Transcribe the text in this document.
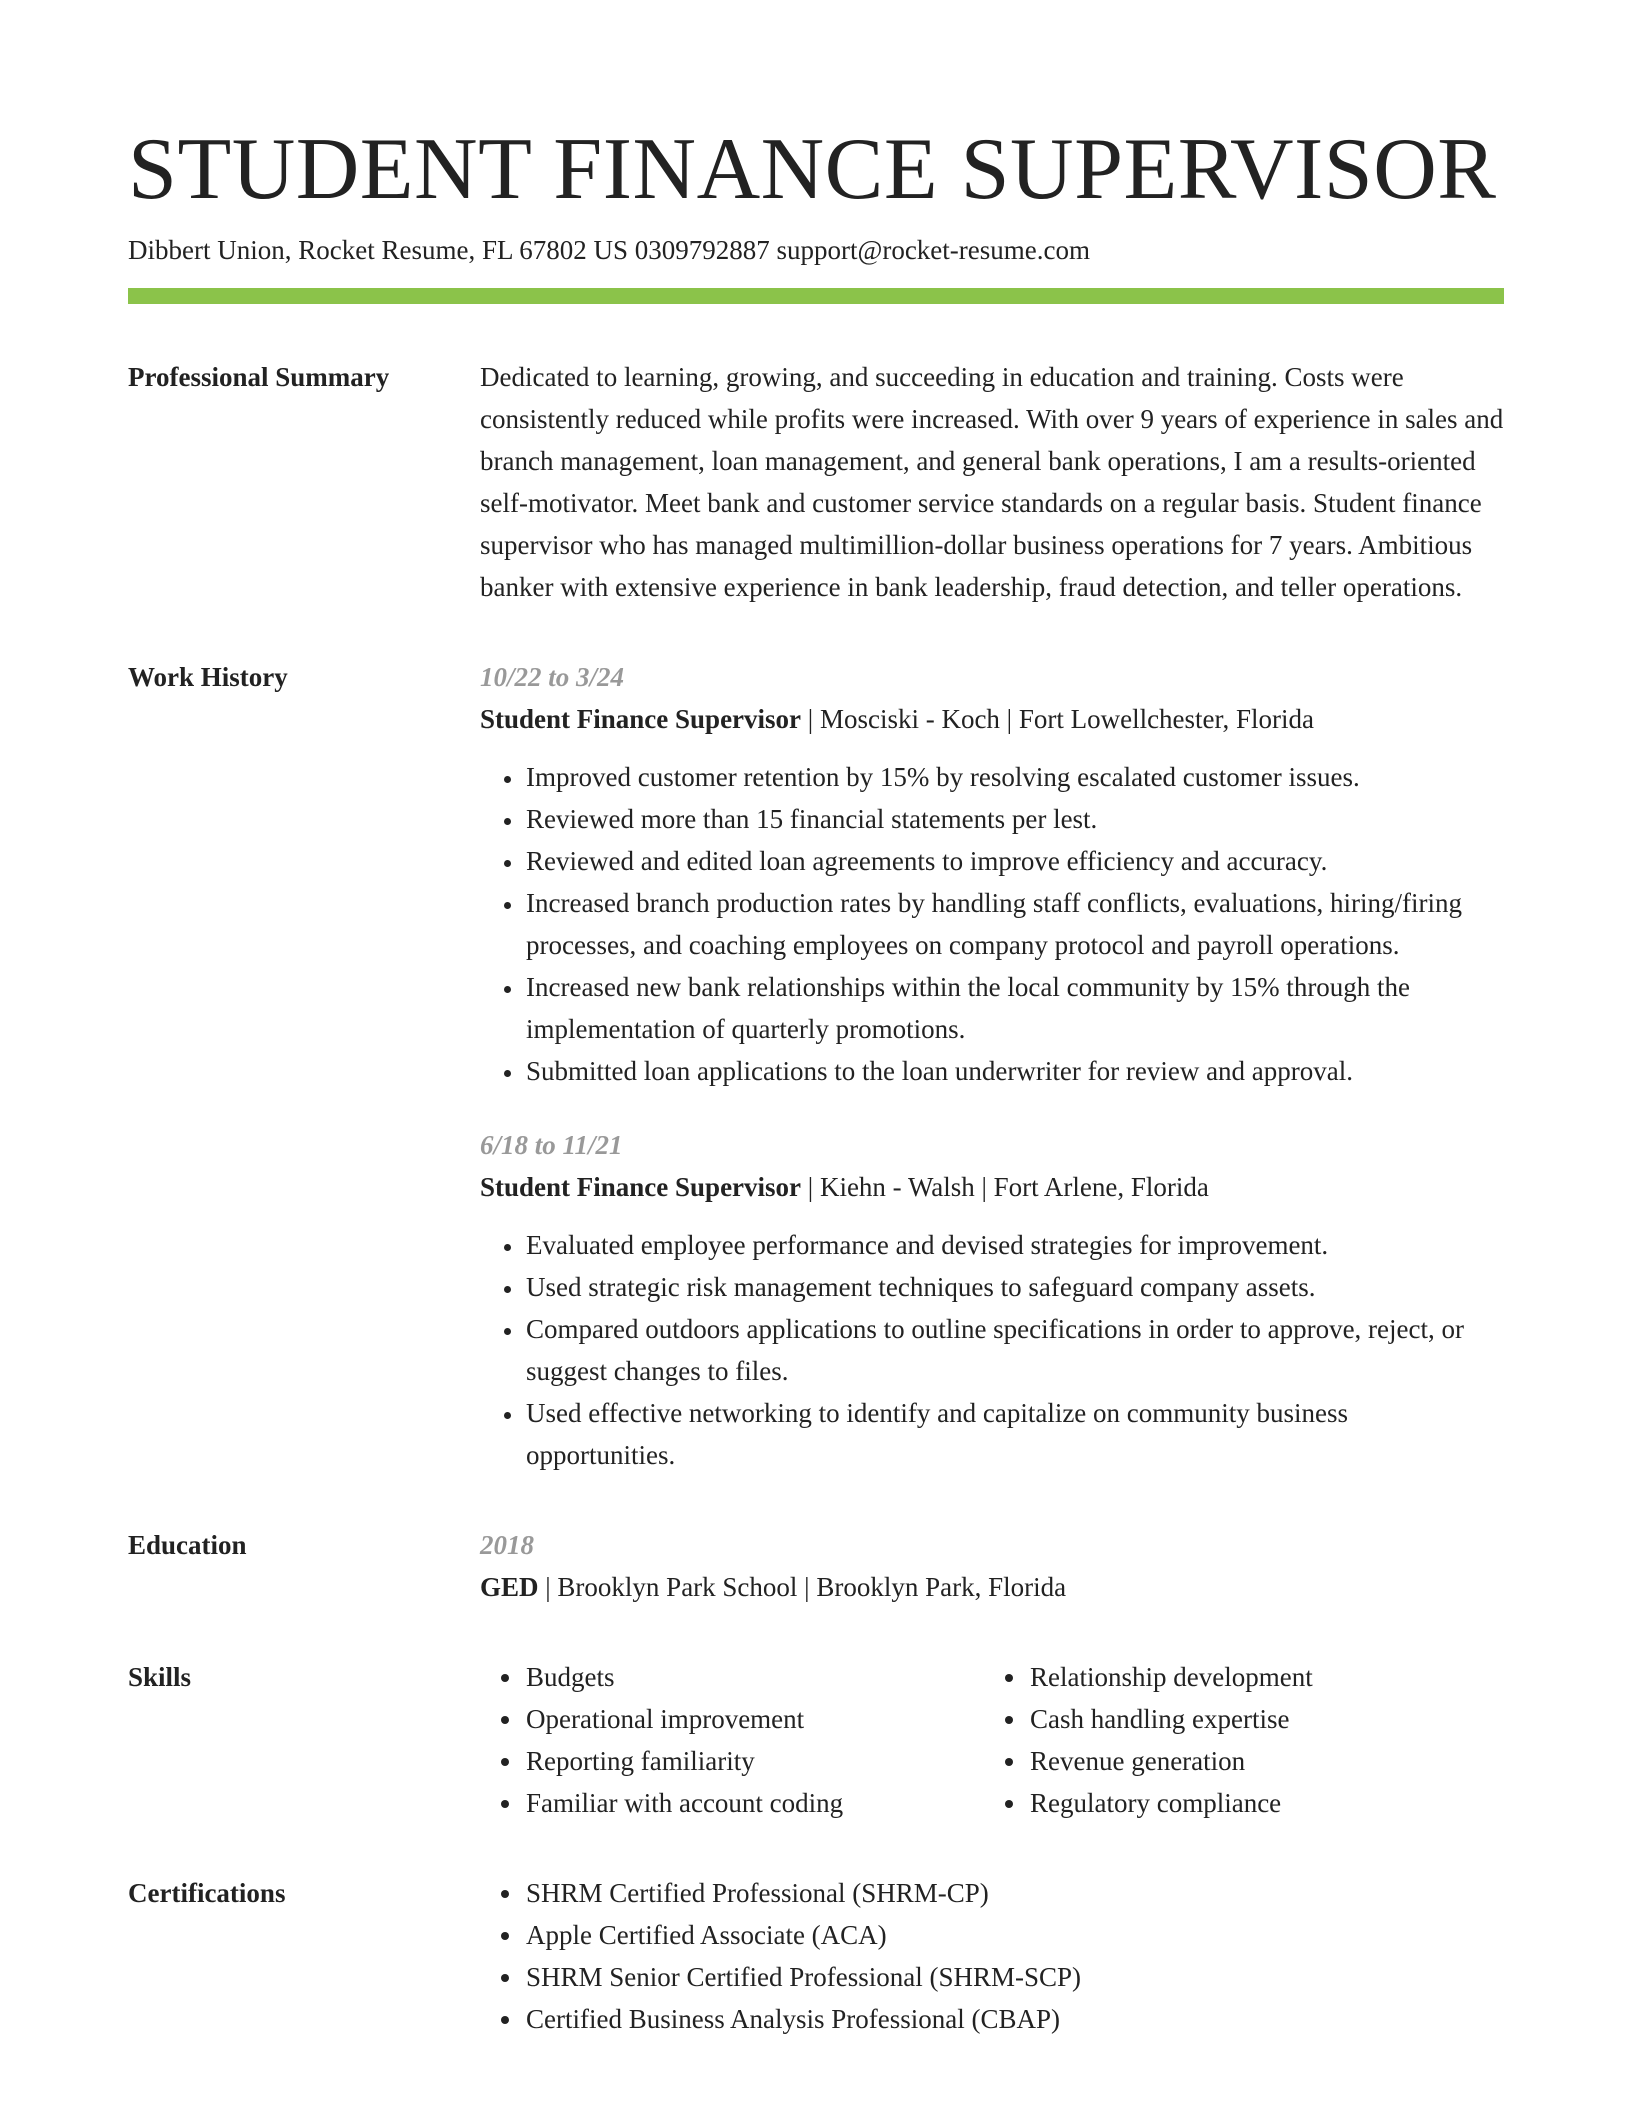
STUDENT FINANCE SUPERVISOR
Dibbert Union, Rocket Resume, FL 67802 US 0309792887 support@rocket-resume.com
Professional Summary	Dedicated to learning, growing, and succeeding in education and training. Costs were consistently reduced while profits were increased. With over 9 years of experience in sales and branch management, loan management, and general bank operations, I am a results-oriented self-motivator. Meet bank and customer service standards on a regular basis. Student finance supervisor who has managed multimillion-dollar business operations for 7 years. Ambitious banker with extensive experience in bank leadership, fraud detection, and teller operations.

Work History	10/22 to 3/24
Student Finance Supervisor | Mosciski - Koch | Fort Lowellchester, Florida
• Improved customer retention by 15% by resolving escalated customer issues.
• Reviewed more than 15 financial statements per lest.
• Reviewed and edited loan agreements to improve efficiency and accuracy.
• Increased branch production rates by handling staff conflicts, evaluations, hiring/firing processes, and coaching employees on company protocol and payroll operations.
• Increased new bank relationships within the local community by 15% through the implementation of quarterly promotions.
• Submitted loan applications to the loan underwriter for review and approval.
6/18 to 11/21
Student Finance Supervisor | Kiehn - Walsh | Fort Arlene, Florida
• Evaluated employee performance and devised strategies for improvement.
• Used strategic risk management techniques to safeguard company assets.
• Compared outdoors applications to outline specifications in order to approve, reject, or suggest changes to files.
• Used effective networking to identify and capitalize on community business opportunities.
Education	2018
GED | Brooklyn Park School | Brooklyn Park, Florida
Skills	• Budgets
• Operational improvement
• Reporting familiarity
• Familiar with account coding
• Relationship development
• Cash handling expertise
• Revenue generation
• Regulatory compliance
Certifications	• SHRM Certified Professional (SHRM-CP)
• Apple Certified Associate (ACA)
• SHRM Senior Certified Professional (SHRM-SCP)
• Certified Business Analysis Professional (CBAP)
